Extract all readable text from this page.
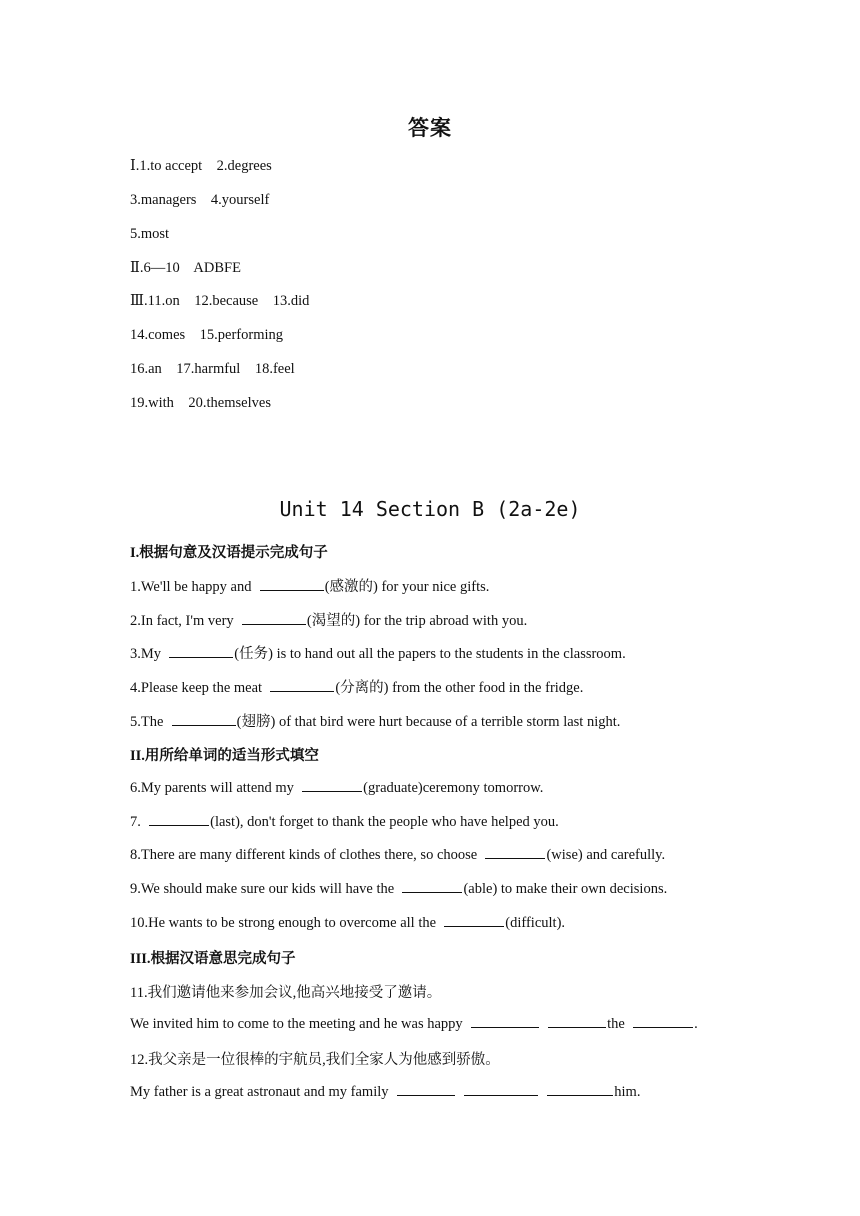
答案
Ⅰ.1.to accept    2.degrees
3.managers    4.yourself
5.most
Ⅱ.6—10    ADBFE
Ⅲ.11.on    12.because    13.did
14.comes    15.performing
16.an    17.harmful    18.feel
19.with    20.themselves
Unit 14 Section B (2a-2e)
I.根据句意及汉语提示完成句子
1.We'll be happy and	(感激的) for your nice gifts.
2.In fact, I'm very	(渴望的) for the trip abroad with you.
3.My	(任务) is to hand out all the papers to the students in the classroom.
4.Please keep the meat	(分离的) from the other food in the fridge.
5.The	(翅膀) of that bird were hurt because of a terrible storm last night.
II.用所给单词的适当形式填空
6.My parents will attend my	(graduate)ceremony tomorrow.
7.	(last), don't forget to thank the people who have helped you.
8.There are many different kinds of clothes there, so choose	(wise) and carefully.
9.We should make sure our kids will have the	(able) to make their own decisions.
10.He wants to be strong enough to overcome all the	(difficult).
III.根据汉语意思完成句子
11.我们邀请他来参加会议,他高兴地接受了邀请。
We invited him to come to the meeting and he was happy	the	.
12.我父亲是一位很棒的宇航员,我们全家人为他感到骄傲。
My father is a great astronaut and my family	him.
